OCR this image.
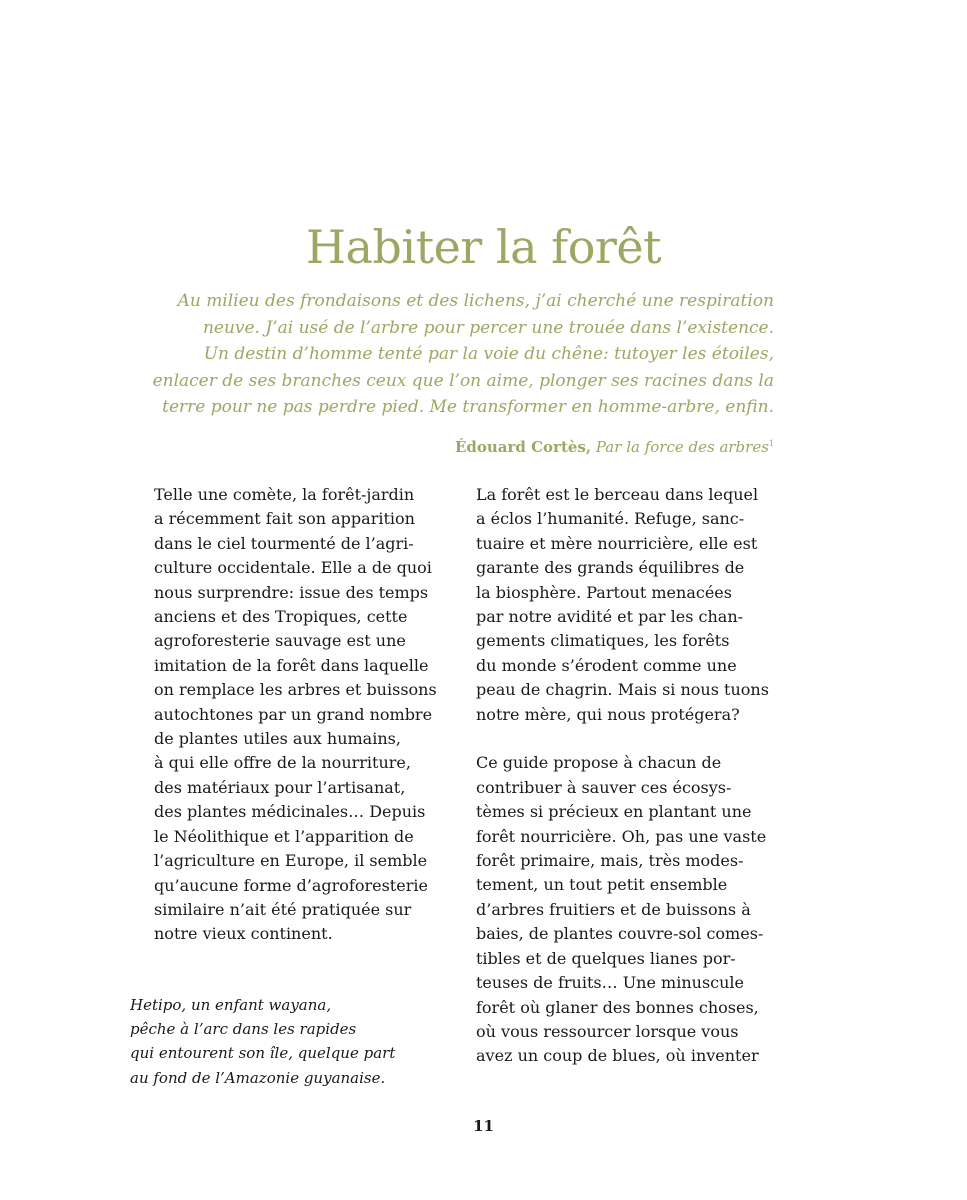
Habiter la forêt
Au milieu des frondaisons et des lichens, j’ai cherché une respiration
neuve. J’ai usé de l’arbre pour percer une trouée dans l’existence.
Un destin d’homme tenté par la voie du chêne: tutoyer les étoiles,
enlacer de ses branches ceux que l’on aime, plonger ses racines dans la
terre pour ne pas perdre pied. Me transformer en homme-arbre, enfin.
Édouard Cortès, Par la force des arbres$^1$
Telle une comète, la forêt-jardin
a récemment fait son apparition
dans le ciel tourmenté de l’agri-
culture occidentale. Elle a de quoi
nous surprendre: issue des temps
anciens et des Tropiques, cette
agroforesterie sauvage est une
imitation de la forêt dans laquelle
on remplace les arbres et buissons
autochtones par un grand nombre
de plantes utiles aux humains,
à qui elle offre de la nourriture,
des matériaux pour l’artisanat,
des plantes médicinales… Depuis
le Néolithique et l’apparition de
l’agriculture en Europe, il semble
qu’aucune forme d’agroforesterie
similaire n’ait été pratiquée sur
notre vieux continent.
La forêt est le berceau dans lequel
a éclos l’humanité. Refuge, sanc-
tuaire et mère nourricière, elle est
garante des grands équilibres de
la biosphère. Partout menacées
par notre avidité et par les chan-
gements climatiques, les forêts
du monde s’érodent comme une
peau de chagrin. Mais si nous tuons
notre mère, qui nous protégera?
Ce guide propose à chacun de
contribuer à sauver ces écosys-
tèmes si précieux en plantant une
forêt nourricière. Oh, pas une vaste
forêt primaire, mais, très modes-
tement, un tout petit ensemble
d’arbres fruitiers et de buissons à
baies, de plantes couvre-sol comes-
tibles et de quelques lianes por-
teuses de fruits… Une minuscule
forêt où glaner des bonnes choses,
où vous ressourcer lorsque vous
avez un coup de blues, où inventer
Hetipo, un enfant wayana,
pêche à l’arc dans les rapides
qui entourent son île, quelque part
au fond de l’Amazonie guyanaise.
11
